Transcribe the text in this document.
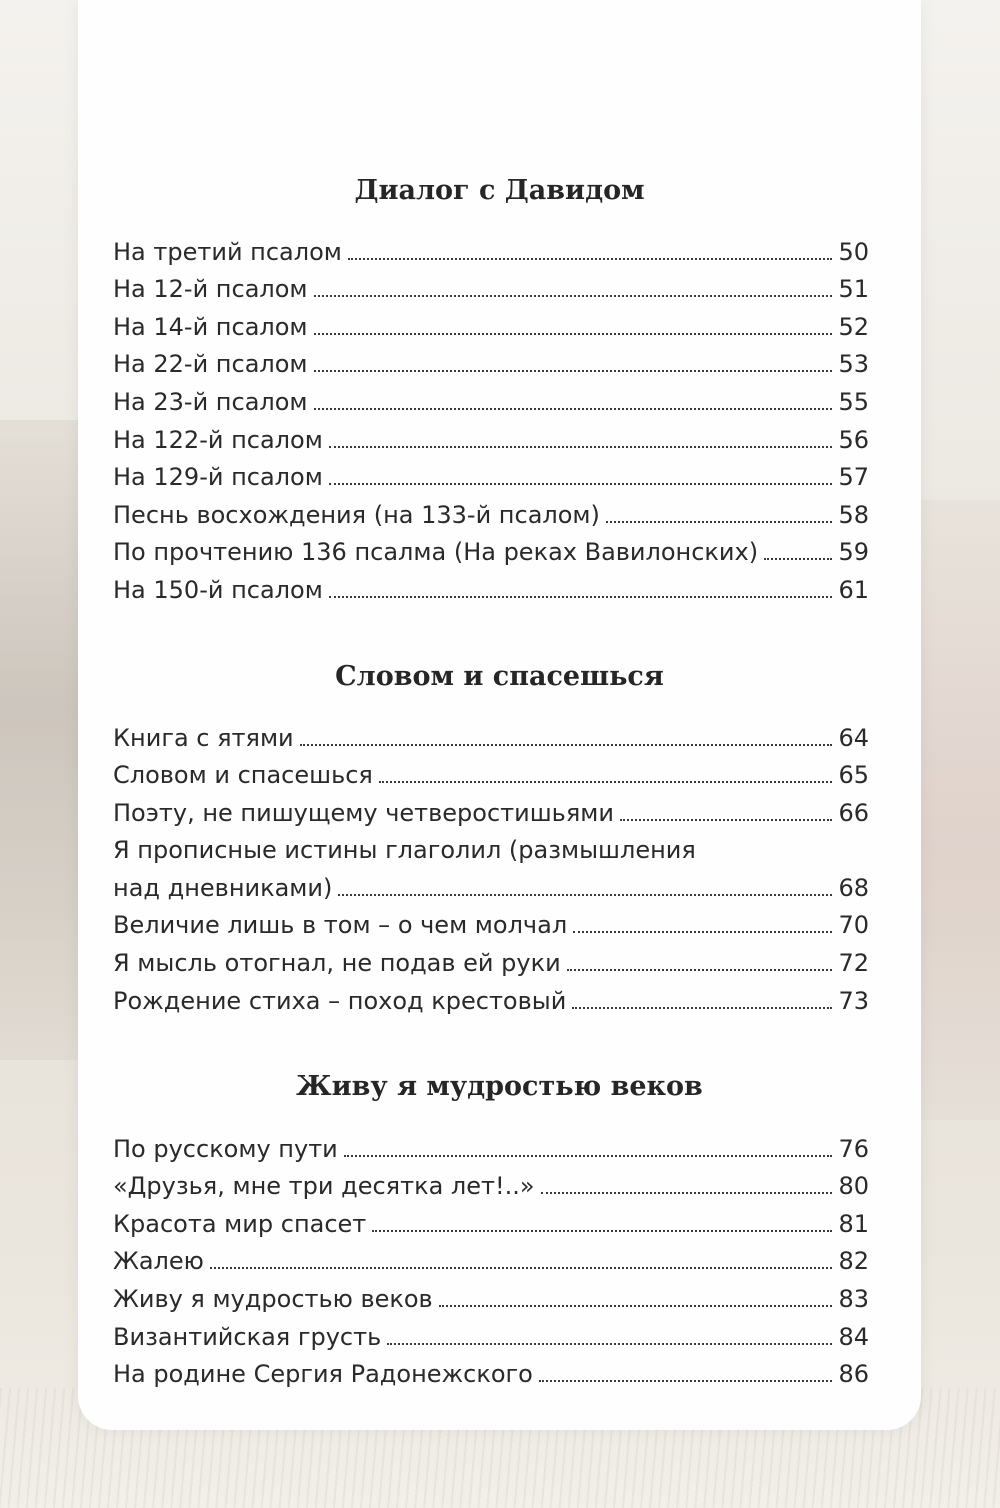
Диалог с Давидом
На третий псалом	50
На 12-й псалом	51
На 14-й псалом	52
На 22-й псалом	53
На 23-й псалом	55
На 122-й псалом	56
На 129-й псалом	57
Песнь восхождения (на 133-й псалом)	58
По прочтению 136 псалма (На реках Вавилонских)	59
На 150-й псалом	61
Словом и спасешься
Книга с ятями	64
Словом и спасешься	65
Поэту, не пишущему четверостишьями	66
Я прописные истины глаголил (размышления
над дневниками)	68
Величие лишь в том – о чем молчал	70
Я мысль отогнал, не подав ей руки	72
Рождение стиха – поход крестовый	73
Живу я мудростью веков
По русскому пути	76
«Друзья, мне три десятка лет!..»	80
Красота мир спасет	81
Жалею	82
Живу я мудростью веков	83
Византийская грусть	84
На родине Сергия Радонежского	86
